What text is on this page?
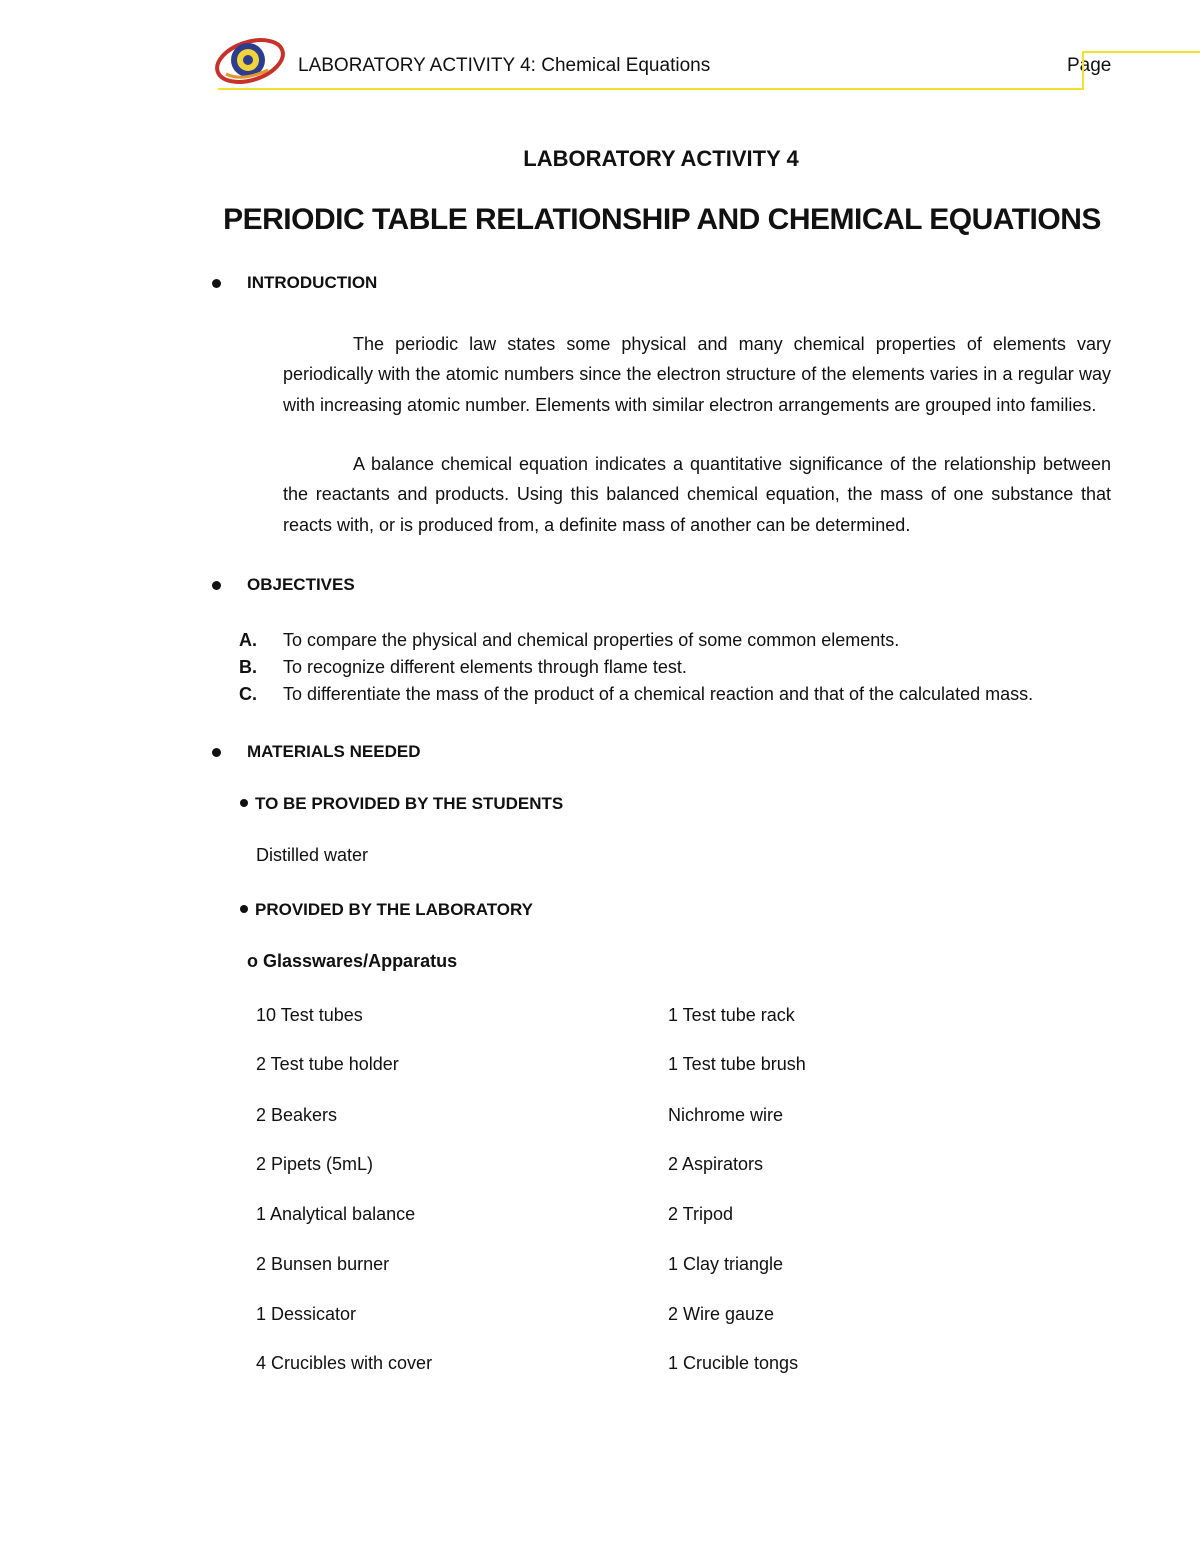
LABORATORY ACTIVITY 4: Chemical Equations	Page
LABORATORY ACTIVITY 4
PERIODIC TABLE RELATIONSHIP AND CHEMICAL EQUATIONS
INTRODUCTION
The periodic law states some physical and many chemical properties of elements vary periodically with the atomic numbers since the electron structure of the elements varies in a regular way with increasing atomic number. Elements with similar electron arrangements are grouped into families.
A balance chemical equation indicates a quantitative significance of the relationship between the reactants and products. Using this balanced chemical equation, the mass of one substance that reacts with, or is produced from, a definite mass of another can be determined.
OBJECTIVES
A. To compare the physical and chemical properties of some common elements.
B. To recognize different elements through flame test.
C. To differentiate the mass of the product of a chemical reaction and that of the calculated mass.
MATERIALS NEEDED
TO BE PROVIDED BY THE STUDENTS
Distilled water
PROVIDED BY THE LABORATORY
o Glasswares/Apparatus
10 Test tubes	1 Test tube rack
2 Test tube holder	1 Test tube brush
2 Beakers	Nichrome wire
2 Pipets (5mL)	2 Aspirators
1 Analytical balance	2 Tripod
2 Bunsen burner	1 Clay triangle
1 Dessicator	2 Wire gauze
4 Crucibles with cover	1 Crucible tongs
